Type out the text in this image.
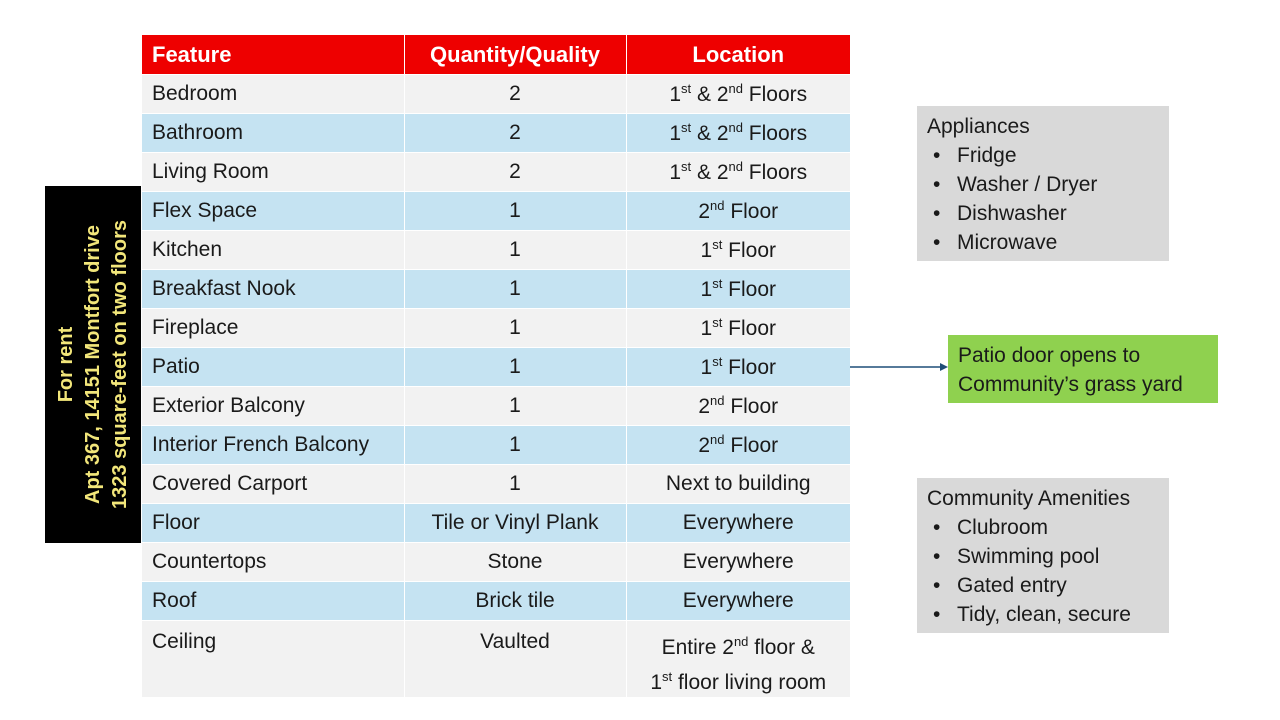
For rent Apt 367, 14151 Montfort drive 1323 square-feet on two floors
Feature	Quantity/Quality	Location
Bedroom	2	1st & 2nd Floors
Bathroom	2	1st & 2nd Floors
Living Room	2	1st & 2nd Floors
Flex Space	1	2nd Floor
Kitchen	1	1st Floor
Breakfast Nook	1	1st Floor
Fireplace	1	1st Floor
Patio	1	1st Floor
Exterior Balcony	1	2nd Floor
Interior French Balcony	1	2nd Floor
Covered Carport	1	Next to building
Floor	Tile or Vinyl Plank	Everywhere
Countertops	Stone	Everywhere
Roof	Brick tile	Everywhere
Ceiling	Vaulted	Entire 2nd floor &
1st floor living room
Appliances
• Fridge
• Washer / Dryer
• Dishwasher
• Microwave
Patio door opens to
Community’s grass yard
Community Amenities
• Clubroom
• Swimming pool
• Gated entry
• Tidy, clean, secure
